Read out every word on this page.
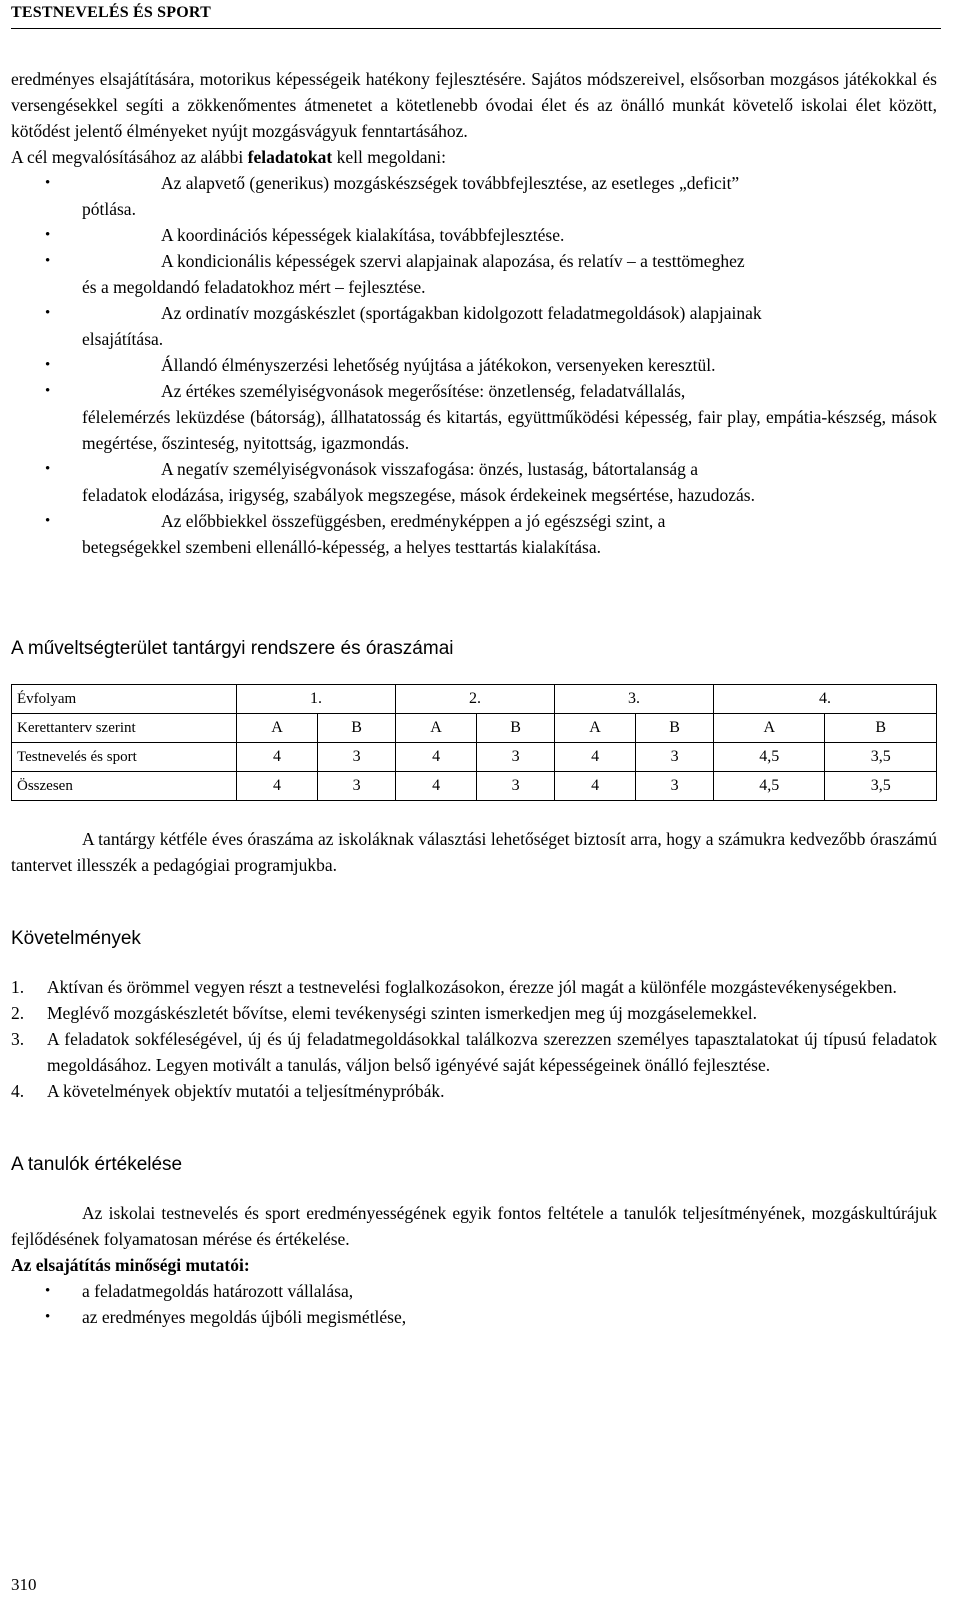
TESTNEVELÉS ÉS SPORT

eredményes elsajátítására, motorikus képességeik hatékony fejlesztésére. Sajátos módszereivel, elsősorban mozgásos játékokkal és versengésekkel segíti a zökkenőmentes átmenetet a kötetlenebb óvodai élet és az önálló munkát követelő iskolai élet között, kötődést jelentő élményeket nyújt mozgásvágyuk fenntartásához.

A cél megvalósításához az alábbi feladatokat kell megoldani:

•	Az alapvető (generikus) mozgáskészségek továbbfejlesztése, az esetleges „deficit”
pótlása.
•	A koordinációs képességek kialakítása, továbbfejlesztése.
•	A kondicionális képességek szervi alapjainak alapozása, és relatív – a testtömeghez
és a megoldandó feladatokhoz mért – fejlesztése.
•	Az ordinatív mozgáskészlet (sportágakban kidolgozott feladatmegoldások) alapjainak
elsajátítása.
•	Állandó élményszerzési lehetőség nyújtása a játékokon, versenyeken keresztül.
•	Az értékes személyiségvonások megerősítése: önzetlenség, feladatvállalás,
félelemérzés leküzdése (bátorság), állhatatosság és kitartás, együttműködési képesség, fair play, empátia-készség, mások megértése, őszinteség, nyitottság, igazmondás.
•	A negatív személyiségvonások visszafogása: önzés, lustaság, bátortalanság a
feladatok elodázása, irigység, szabályok megszegése, mások érdekeinek megsértése, hazudozás.
•	Az előbbiekkel összefüggésben, eredményképpen a jó egészségi szint, a
betegségekkel szembeni ellenálló-képesség, a helyes testtartás kialakítása.
A műveltségterület tantárgyi rendszere és óraszámai
Évfolyam	1.		2.		3.		4.	
Kerettanterv szerint	A	B	A	B	A	B	A	B
Testnevelés és sport	4	3	4	3	4	3	4,5	3,5
Összesen	4	3	4	3	4	3	4,5	3,5

A tantárgy kétféle éves óraszáma az iskoláknak választási lehetőséget biztosít arra, hogy a számukra kedvezőbb óraszámú tantervet illesszék a pedagógiai programjukba.

Követelmények
1. Aktívan és örömmel vegyen részt a testnevelési foglalkozásokon, érezze jól magát a különféle mozgástevékenységekben.
2. Meglévő mozgáskészletét bővítse, elemi tevékenységi szinten ismerkedjen meg új mozgáselemekkel.
3. A feladatok sokféleségével, új és új feladatmegoldásokkal találkozva szerezzen személyes tapasztalatokat új típusú feladatok megoldásához. Legyen motivált a tanulás, váljon belső igényévé saját képességeinek önálló fejlesztése.
4. A követelmények objektív mutatói a teljesítménypróbák.
A tanulók értékelése

Az iskolai testnevelés és sport eredményességének egyik fontos feltétele a tanulók teljesítményének, mozgáskultúrájuk fejlődésének folyamatosan mérése és értékelése.

Az elsajátítás minőségi mutatói:

• a feladatmegoldás határozott vállalása,
• az eredményes megoldás újbóli megismétlése,
310
